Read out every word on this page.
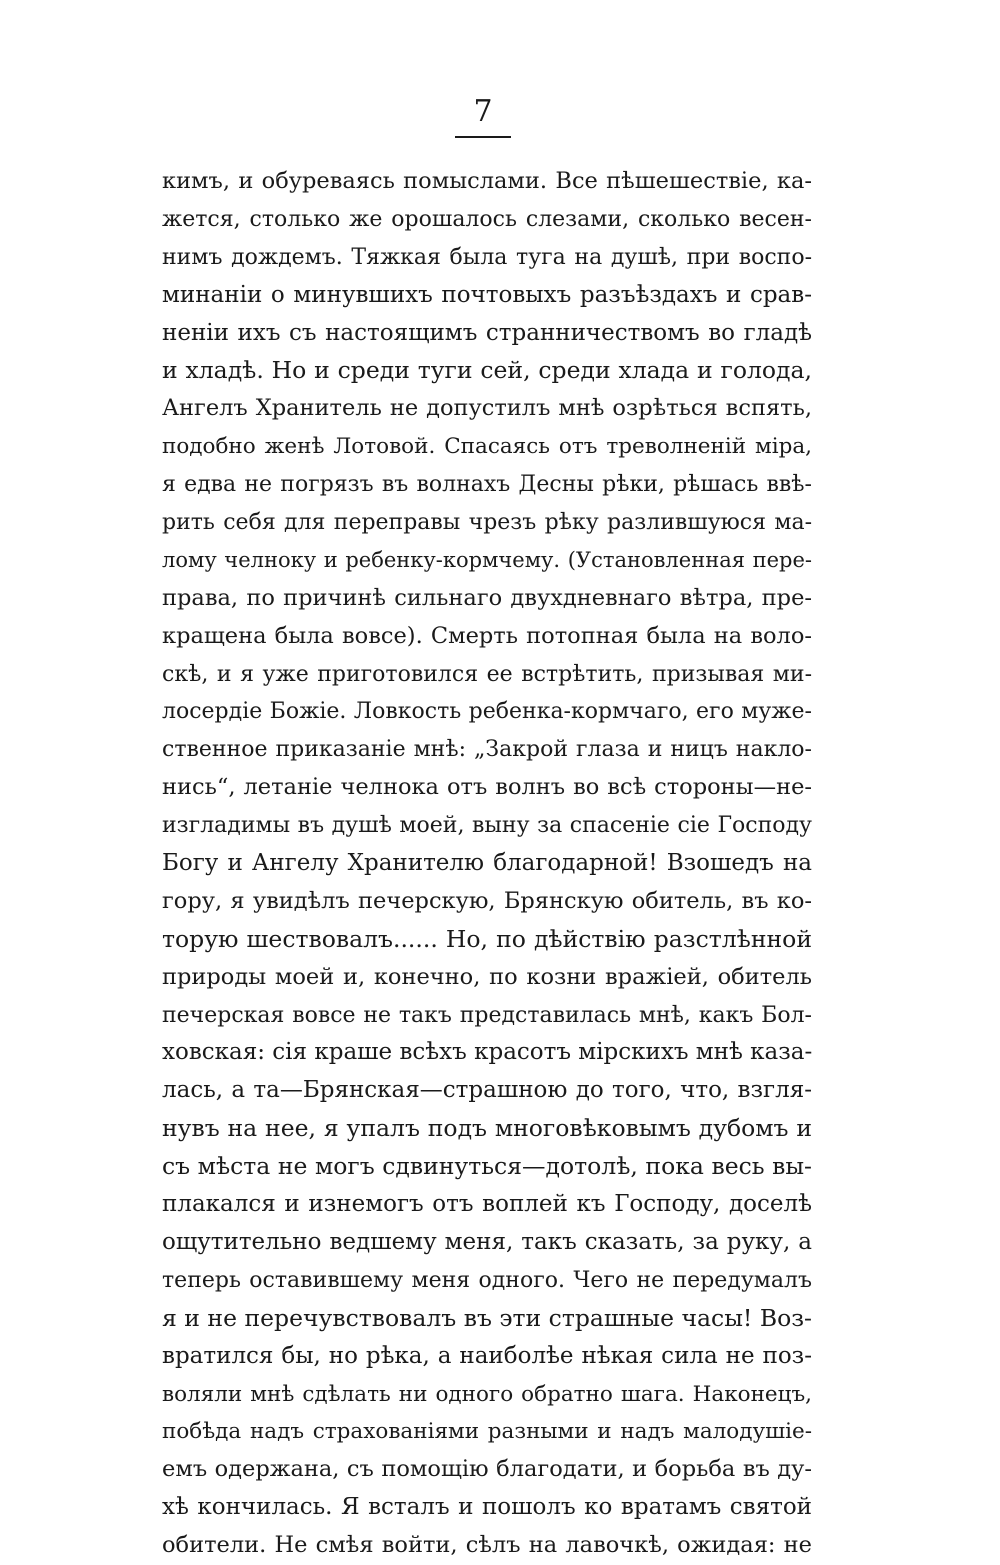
7
кимъ, и обуреваясь помыслами. Все пѣшешествіе, ка-
жется, столько же орошалось слезами, сколько весен-
нимъ дождемъ. Тяжкая была туга на душѣ, при воспо-
минаніи о минувшихъ почтовыхъ разъѣздахъ и срав-
неніи ихъ съ настоящимъ странничествомъ во гладѣ
и хладѣ. Но и среди туги сей, среди хлада и голода,
Ангелъ Хранитель не допустилъ мнѣ озрѣться вспять,
подобно женѣ Лотовой. Спасаясь отъ треволненій міра,
я едва не погрязъ въ волнахъ Десны рѣки, рѣшась ввѣ-
рить себя для переправы чрезъ рѣку разлившуюся ма-
лому челноку и ребенку-кормчему. (Установленная пере-
права, по причинѣ сильнаго двухдневнаго вѣтра, пре-
кращена была вовсе). Смерть потопная была на воло-
скѣ, и я уже приготовился ее встрѣтить, призывая ми-
лосердіе Божіе. Ловкость ребенка-кормчаго, его муже-
ственное приказаніе мнѣ: „Закрой глаза и ницъ накло-
нись“, летаніе челнока отъ волнъ во всѣ стороны—не-
изгладимы въ душѣ моей, выну за спасеніе сіе Господу
Богу и Ангелу Хранителю благодарной! Взошедъ на
гору, я увидѣлъ печерскую, Брянскую обитель, въ ко-
торую шествовалъ...... Но, по дѣйствію разстлѣнной
природы моей и, конечно, по козни вражіей, обитель
печерская вовсе не такъ представилась мнѣ, какъ Бол-
ховская: сія краше всѣхъ красотъ мірскихъ мнѣ каза-
лась, а та—Брянская—страшною до того, что, взгля-
нувъ на нее, я упалъ подъ многовѣковымъ дубомъ и
съ мѣста не могъ сдвинуться—дотолѣ, пока весь вы-
плакался и изнемогъ отъ воплей къ Господу, доселѣ
ощутительно ведшему меня, такъ сказать, за руку, а
теперь оставившему меня одного. Чего не передумалъ
я и не перечувствовалъ въ эти страшные часы! Воз-
вратился бы, но рѣка, а наиболѣе нѣкая сила не поз-
воляли мнѣ сдѣлать ни одного обратно шага. Наконецъ,
побѣда надъ страхованіями разными и надъ малодушіе-
емъ одержана, съ помощію благодати, и борьба въ ду-
хѣ кончилась. Я всталъ и пошолъ ко вратамъ святой
обители. Не смѣя войти, сѣлъ на лавочкѣ, ожидая: не
